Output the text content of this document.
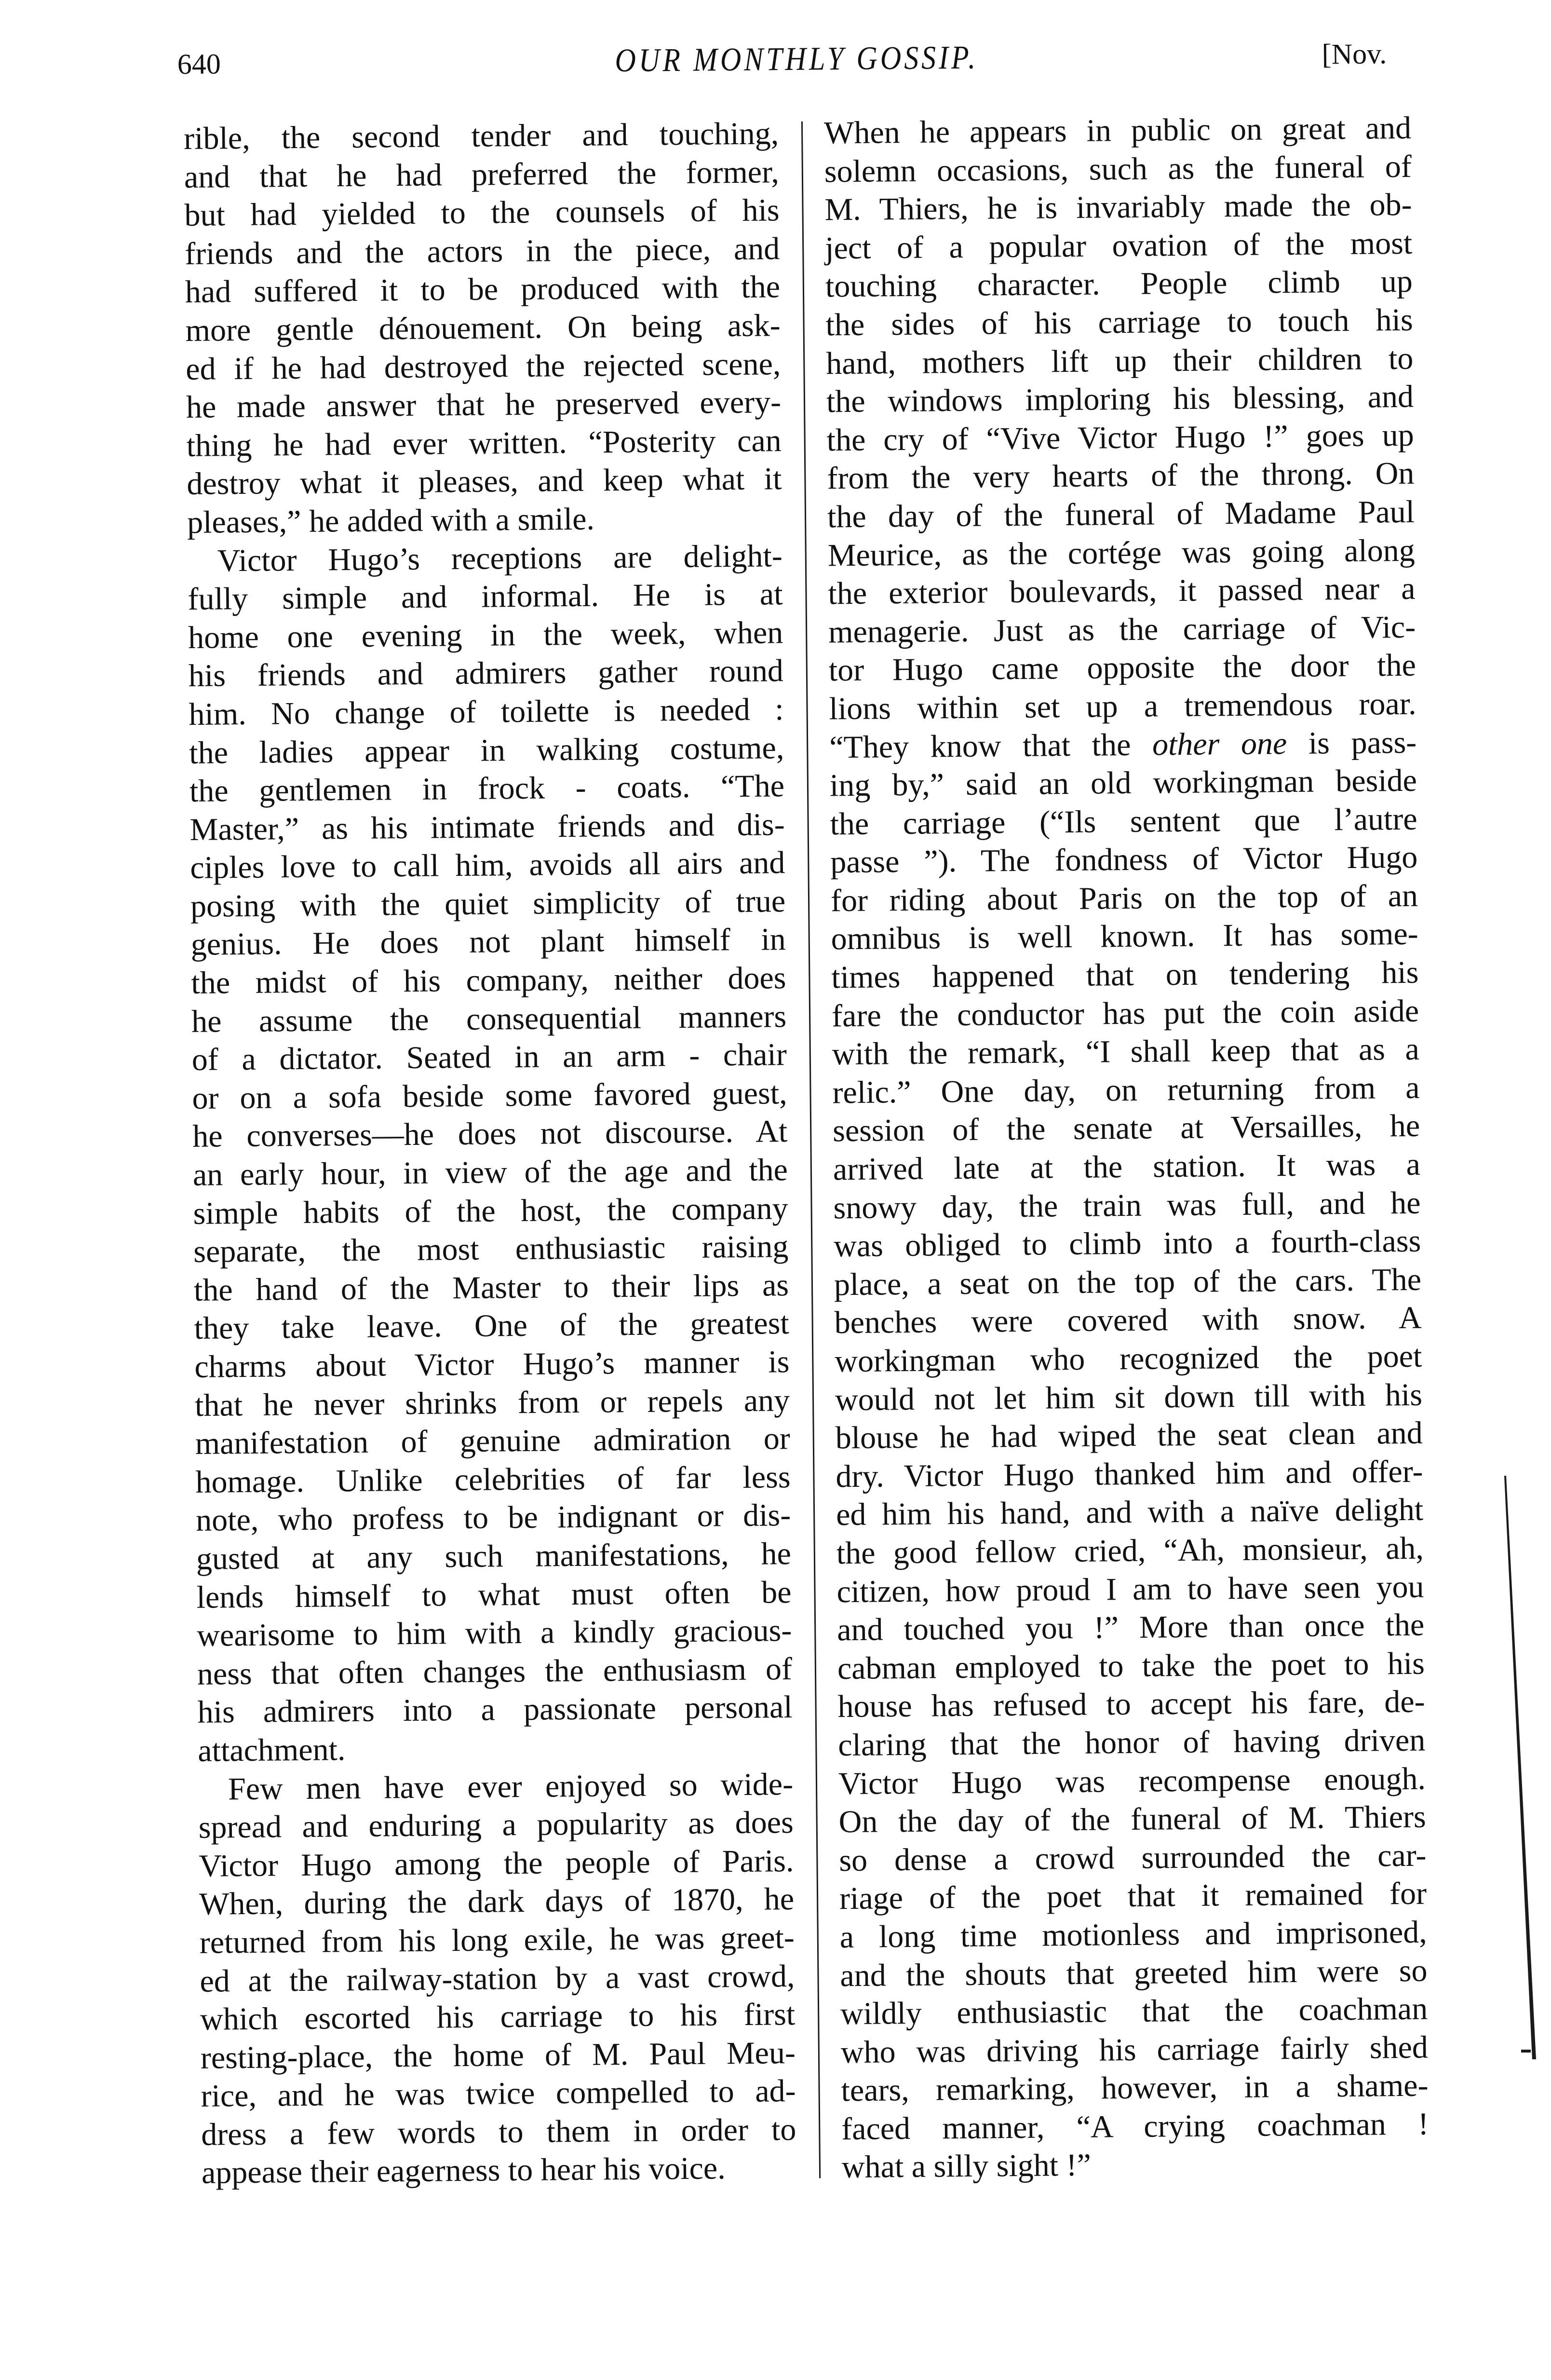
640	OUR MONTHLY GOSSIP.	[Nov.
rible, the second tender and touching,
and that he had preferred the former,
but had yielded to the counsels of his
friends and the actors in the piece, and
had suffered it to be produced with the
more gentle dénouement. On being ask-
ed if he had destroyed the rejected scene,
he made answer that he preserved every-
thing he had ever written. “Posterity can
destroy what it pleases, and keep what it
pleases,” he added with a smile.
Victor Hugo’s receptions are delight-
fully simple and informal. He is at
home one evening in the week, when
his friends and admirers gather round
him. No change of toilette is needed :
the ladies appear in walking costume,
the gentlemen in frock - coats. “The
Master,” as his intimate friends and dis-
ciples love to call him, avoids all airs and
posing with the quiet simplicity of true
genius. He does not plant himself in
the midst of his company, neither does
he assume the consequential manners
of a dictator. Seated in an arm - chair
or on a sofa beside some favored guest,
he converses—he does not discourse. At
an early hour, in view of the age and the
simple habits of the host, the company
separate, the most enthusiastic raising
the hand of the Master to their lips as
they take leave. One of the greatest
charms about Victor Hugo’s manner is
that he never shrinks from or repels any
manifestation of genuine admiration or
homage. Unlike celebrities of far less
note, who profess to be indignant or dis-
gusted at any such manifestations, he
lends himself to what must often be
wearisome to him with a kindly gracious-
ness that often changes the enthusiasm of
his admirers into a passionate personal
attachment.
Few men have ever enjoyed so wide-
spread and enduring a popularity as does
Victor Hugo among the people of Paris.
When, during the dark days of 1870, he
returned from his long exile, he was greet-
ed at the railway-station by a vast crowd,
which escorted his carriage to his first
resting-place, the home of M. Paul Meu-
rice, and he was twice compelled to ad-
dress a few words to them in order to
appease their eagerness to hear his voice.
When he appears in public on great and
solemn occasions, such as the funeral of
M. Thiers, he is invariably made the ob-
ject of a popular ovation of the most
touching character. People climb up
the sides of his carriage to touch his
hand, mothers lift up their children to
the windows imploring his blessing, and
the cry of “Vive Victor Hugo !” goes up
from the very hearts of the throng. On
the day of the funeral of Madame Paul
Meurice, as the cortége was going along
the exterior boulevards, it passed near a
menagerie. Just as the carriage of Vic-
tor Hugo came opposite the door the
lions within set up a tremendous roar.
“They know that the other one is pass-
ing by,” said an old workingman beside
the carriage (“Ils sentent que l’autre
passe ”). The fondness of Victor Hugo
for riding about Paris on the top of an
omnibus is well known. It has some-
times happened that on tendering his
fare the conductor has put the coin aside
with the remark, “I shall keep that as a
relic.” One day, on returning from a
session of the senate at Versailles, he
arrived late at the station. It was a
snowy day, the train was full, and he
was obliged to climb into a fourth-class
place, a seat on the top of the cars. The
benches were covered with snow. A
workingman who recognized the poet
would not let him sit down till with his
blouse he had wiped the seat clean and
dry. Victor Hugo thanked him and offer-
ed him his hand, and with a naïve delight
the good fellow cried, “Ah, monsieur, ah,
citizen, how proud I am to have seen you
and touched you !” More than once the
cabman employed to take the poet to his
house has refused to accept his fare, de-
claring that the honor of having driven
Victor Hugo was recompense enough.
On the day of the funeral of M. Thiers
so dense a crowd surrounded the car-
riage of the poet that it remained for
a long time motionless and imprisoned,
and the shouts that greeted him were so
wildly enthusiastic that the coachman
who was driving his carriage fairly shed
tears, remarking, however, in a shame-
faced manner, “A crying coachman !
what a silly sight !”
